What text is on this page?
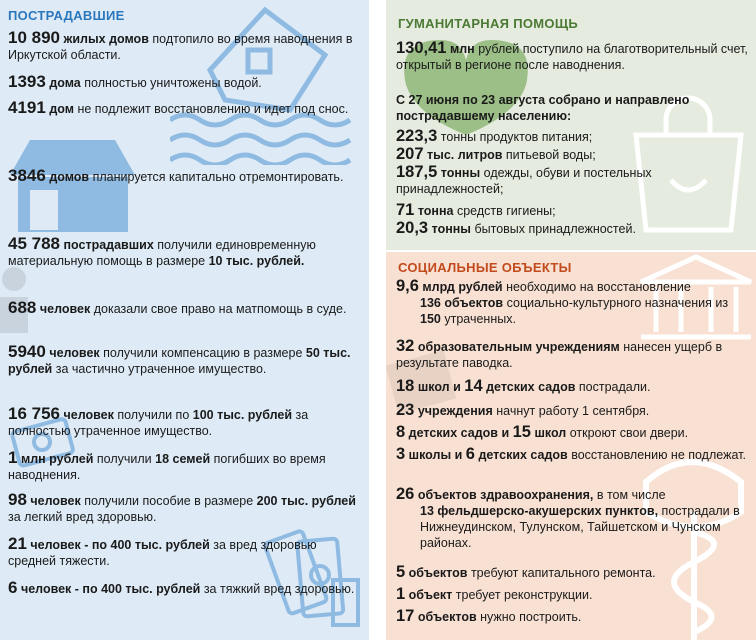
ПОСТРАДАВШИЕ
10 890 жилых домов подтопило во время наводнения в Иркутской области.
1393 дома полностью уничтожены водой.
4191 дом не подлежит восстановлению и идет под снос.
3846 домов планируется капитально отремонтировать.
45 788 пострадавших получили единовременную материальную помощь в размере 10 тыс. рублей.
688 человек доказали свое право на матпомощь в суде.
5940 человек получили компенсацию в размере 50 тыс. рублей за частично утраченное имущество.
16 756 человек получили по 100 тыс. рублей за полностью утраченное имущество.
1 млн рублей получили 18 семей погибших во время наводнения.
98 человек получили пособие в размере 200 тыс. рублей за легкий вред здоровью.
21 человек - по 400 тыс. рублей за вред здоровью средней тяжести.
6 человек - по 400 тыс. рублей за тяжкий вред здоровью.
ГУМАНИТАРНАЯ ПОМОЩЬ
130,41 млн рублей поступило на благотворительный счет, открытый в регионе после наводнения.
С 27 июня по 23 августа собрано и направлено пострадавшему населению:
223,3 тонны продуктов питания;
207 тыс. литров питьевой воды;
187,5 тонны одежды, обуви и постельных принадлежностей;
71 тонна средств гигиены;
20,3 тонны бытовых принадлежностей.
СОЦИАЛЬНЫЕ ОБЪЕКТЫ
9,6 млрд рублей необходимо на восстановление
136 объектов социально-культурного назначения из 150 утраченных.
32 образовательным учреждениям нанесен ущерб в результате паводка.
18 школ и 14 детских садов пострадали.
23 учреждения начнут работу 1 сентября.
8 детских садов и 15 школ откроют свои двери.
3 школы и 6 детских садов восстановлению не подлежат.
26 объектов здравоохранения, в том числе
13 фельдшерско-акушерских пунктов, пострадали в Нижнеудинском, Тулунском, Тайшетском и Чунском районах.
5 объектов требуют капитального ремонта.
1 объект требует реконструкции.
17 объектов нужно построить.
